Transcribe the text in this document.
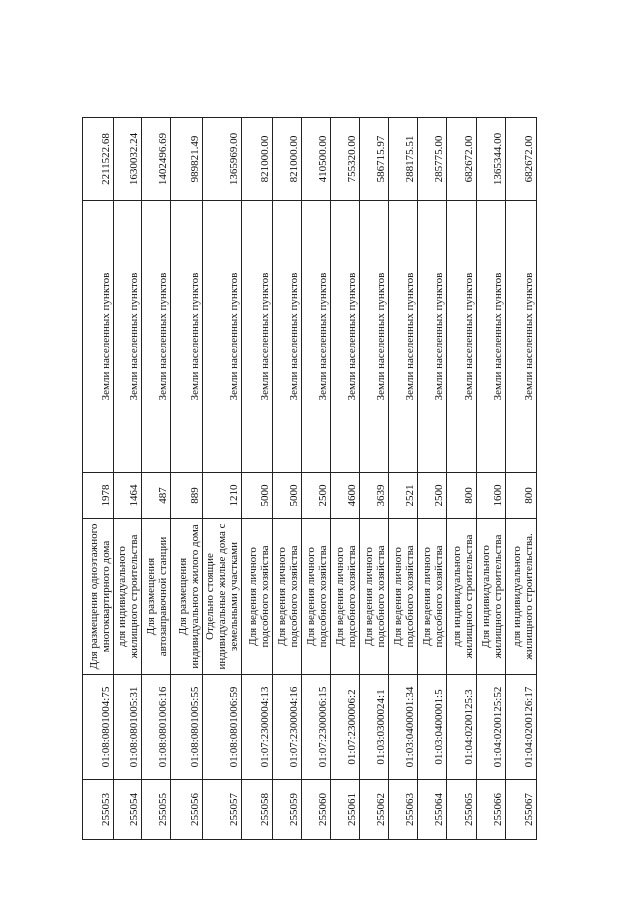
255053	01:08:0801004:75	Для размещения одноэтажного многоквартирного дома	1978	Земли населенных пунктов	2211522.68
255054	01:08:0801005:31	для индивидуального жилищного строительства	1464	Земли населенных пунктов	1630032.24
255055	01:08:0801006:16	Для размещения автозаправочной станции	487	Земли населенных пунктов	1402496.69
255056	01:08:0801005:55	Для размещения индивидуального жилого дома	889	Земли населенных пунктов	989821.49
255057	01:08:0801006:59	Отдельно стоящие индивидуальные жилые дома с земельными участками	1210	Земли населенных пунктов	1365969.00
255058	01:07:2300004:13	Для ведения личного подсобного хозяйства	5000	Земли населенных пунктов	821000.00
255059	01:07:2300004:16	Для ведения личного подсобного хозяйства	5000	Земли населенных пунктов	821000.00
255060	01:07:2300006:15	Для ведения личного подсобного хозяйства	2500	Земли населенных пунктов	410500.00
255061	01:07:2300006:2	Для ведения личного подсобного хозяйства	4600	Земли населенных пунктов	755320.00
255062	01:03:0300024:1	Для ведения личного подсобного хозяйства	3639	Земли населенных пунктов	586715.97
255063	01:03:0400001:34	Для ведения личного подсобного хозяйства	2521	Земли населенных пунктов	288175.51
255064	01:03:0400001:5	Для ведения личного подсобного хозяйства	2500	Земли населенных пунктов	285775.00
255065	01:04:0200125:3	для индивидуального жилищного строительства	800	Земли населенных пунктов	682672.00
255066	01:04:0200125:52	Для индивидуального жилищного строительства	1600	Земли населенных пунктов	1365344.00
255067	01:04:0200126:17	для индивидуального жилищного строительства.	800	Земли населенных пунктов	682672.00
